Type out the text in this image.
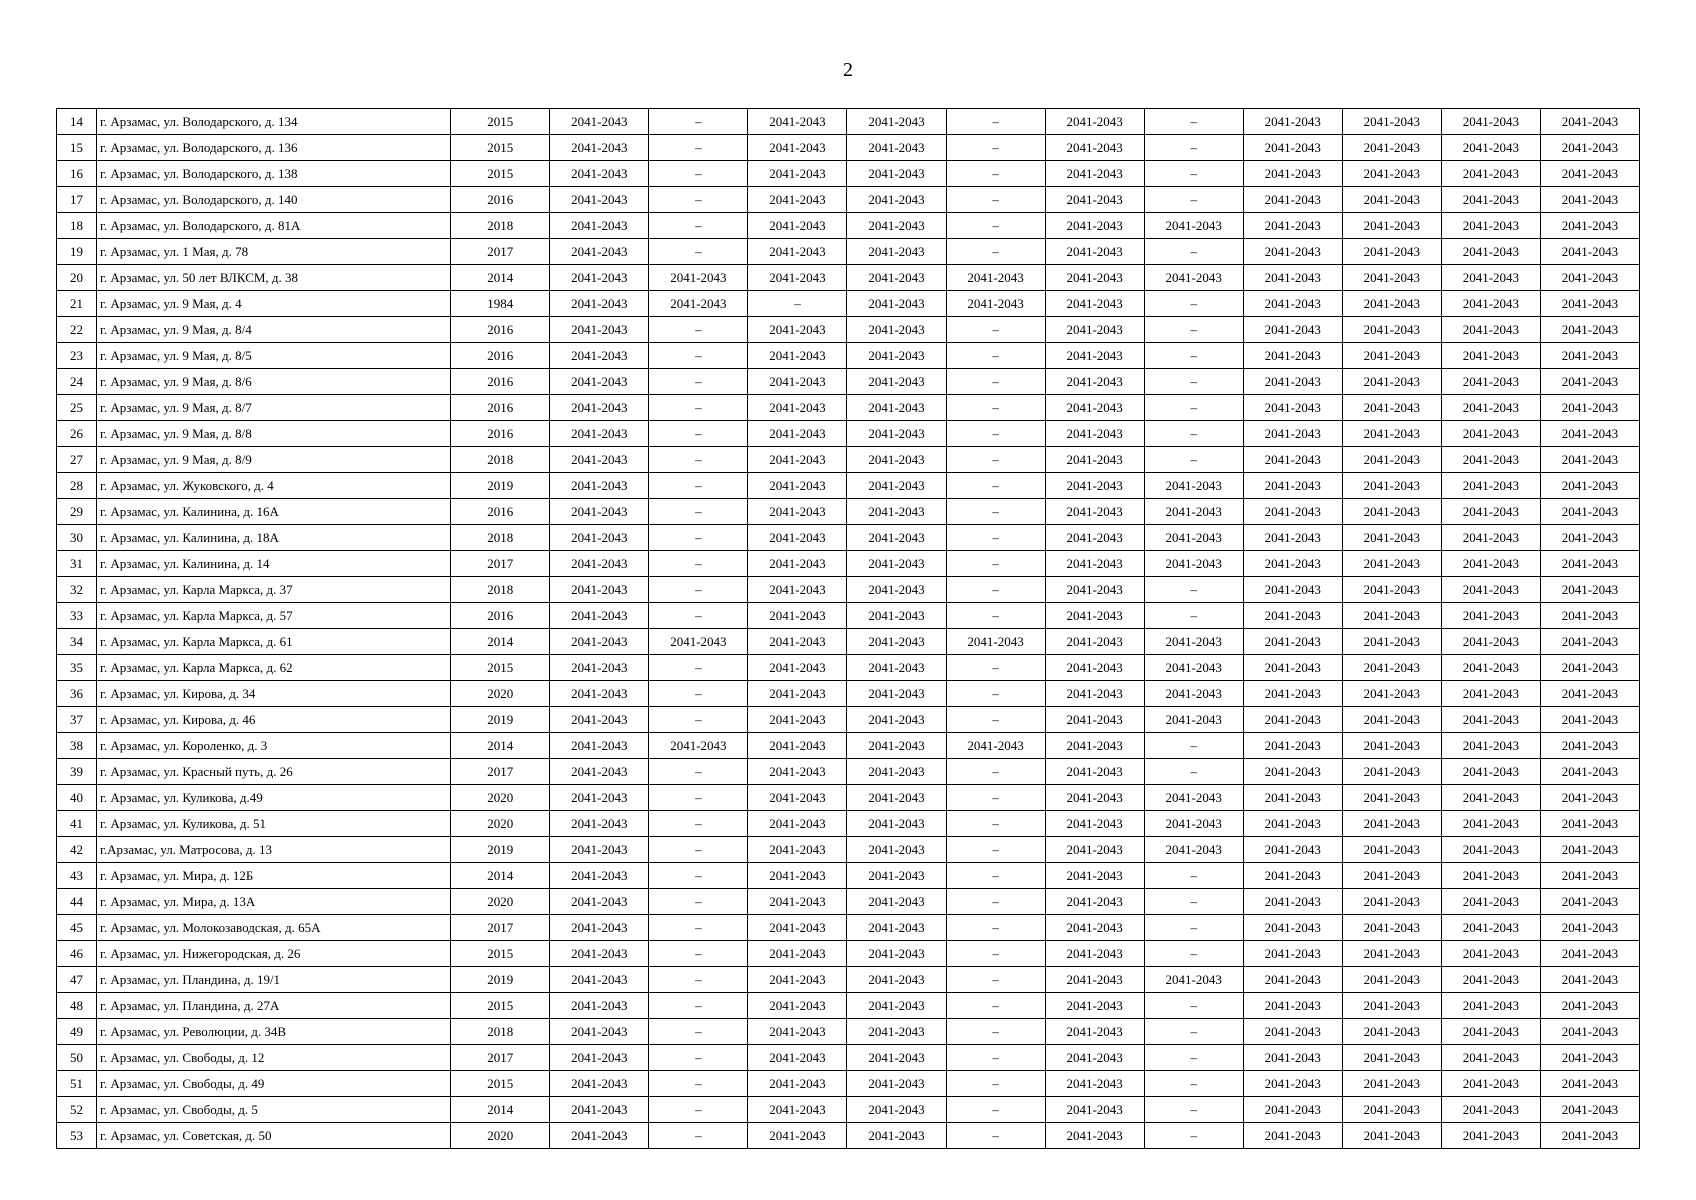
2
14	г. Арзамас, ул. Володарского, д. 134	2015	2041-2043	–	2041-2043	2041-2043	–	2041-2043	–	2041-2043	2041-2043	2041-2043	2041-2043
15	г. Арзамас, ул. Володарского, д. 136	2015	2041-2043	–	2041-2043	2041-2043	–	2041-2043	–	2041-2043	2041-2043	2041-2043	2041-2043
16	г. Арзамас, ул. Володарского, д. 138	2015	2041-2043	–	2041-2043	2041-2043	–	2041-2043	–	2041-2043	2041-2043	2041-2043	2041-2043
17	г. Арзамас, ул. Володарского, д. 140	2016	2041-2043	–	2041-2043	2041-2043	–	2041-2043	–	2041-2043	2041-2043	2041-2043	2041-2043
18	г. Арзамас, ул. Володарского, д. 81А	2018	2041-2043	–	2041-2043	2041-2043	–	2041-2043	2041-2043	2041-2043	2041-2043	2041-2043	2041-2043
19	г. Арзамас, ул. 1 Мая, д. 78	2017	2041-2043	–	2041-2043	2041-2043	–	2041-2043	–	2041-2043	2041-2043	2041-2043	2041-2043
20	г. Арзамас, ул. 50 лет ВЛКСМ, д. 38	2014	2041-2043	2041-2043	2041-2043	2041-2043	2041-2043	2041-2043	2041-2043	2041-2043	2041-2043	2041-2043	2041-2043
21	г. Арзамас, ул. 9 Мая, д. 4	1984	2041-2043	2041-2043	–	2041-2043	2041-2043	2041-2043	–	2041-2043	2041-2043	2041-2043	2041-2043
22	г. Арзамас, ул. 9 Мая, д. 8/4	2016	2041-2043	–	2041-2043	2041-2043	–	2041-2043	–	2041-2043	2041-2043	2041-2043	2041-2043
23	г. Арзамас, ул. 9 Мая, д. 8/5	2016	2041-2043	–	2041-2043	2041-2043	–	2041-2043	–	2041-2043	2041-2043	2041-2043	2041-2043
24	г. Арзамас, ул. 9 Мая, д. 8/6	2016	2041-2043	–	2041-2043	2041-2043	–	2041-2043	–	2041-2043	2041-2043	2041-2043	2041-2043
25	г. Арзамас, ул. 9 Мая, д. 8/7	2016	2041-2043	–	2041-2043	2041-2043	–	2041-2043	–	2041-2043	2041-2043	2041-2043	2041-2043
26	г. Арзамас, ул. 9 Мая, д. 8/8	2016	2041-2043	–	2041-2043	2041-2043	–	2041-2043	–	2041-2043	2041-2043	2041-2043	2041-2043
27	г. Арзамас, ул. 9 Мая, д. 8/9	2018	2041-2043	–	2041-2043	2041-2043	–	2041-2043	–	2041-2043	2041-2043	2041-2043	2041-2043
28	г. Арзамас, ул. Жуковского, д. 4	2019	2041-2043	–	2041-2043	2041-2043	–	2041-2043	2041-2043	2041-2043	2041-2043	2041-2043	2041-2043
29	г. Арзамас, ул. Калинина, д. 16А	2016	2041-2043	–	2041-2043	2041-2043	–	2041-2043	2041-2043	2041-2043	2041-2043	2041-2043	2041-2043
30	г. Арзамас, ул. Калинина, д. 18А	2018	2041-2043	–	2041-2043	2041-2043	–	2041-2043	2041-2043	2041-2043	2041-2043	2041-2043	2041-2043
31	г. Арзамас, ул. Калинина, д. 14	2017	2041-2043	–	2041-2043	2041-2043	–	2041-2043	2041-2043	2041-2043	2041-2043	2041-2043	2041-2043
32	г. Арзамас, ул. Карла Маркса, д. 37	2018	2041-2043	–	2041-2043	2041-2043	–	2041-2043	–	2041-2043	2041-2043	2041-2043	2041-2043
33	г. Арзамас, ул. Карла Маркса, д. 57	2016	2041-2043	–	2041-2043	2041-2043	–	2041-2043	–	2041-2043	2041-2043	2041-2043	2041-2043
34	г. Арзамас, ул. Карла Маркса, д. 61	2014	2041-2043	2041-2043	2041-2043	2041-2043	2041-2043	2041-2043	2041-2043	2041-2043	2041-2043	2041-2043	2041-2043
35	г. Арзамас, ул. Карла Маркса, д. 62	2015	2041-2043	–	2041-2043	2041-2043	–	2041-2043	2041-2043	2041-2043	2041-2043	2041-2043	2041-2043
36	г. Арзамас, ул. Кирова, д. 34	2020	2041-2043	–	2041-2043	2041-2043	–	2041-2043	2041-2043	2041-2043	2041-2043	2041-2043	2041-2043
37	г. Арзамас, ул. Кирова, д. 46	2019	2041-2043	–	2041-2043	2041-2043	–	2041-2043	2041-2043	2041-2043	2041-2043	2041-2043	2041-2043
38	г. Арзамас, ул. Короленко, д. 3	2014	2041-2043	2041-2043	2041-2043	2041-2043	2041-2043	2041-2043	–	2041-2043	2041-2043	2041-2043	2041-2043
39	г. Арзамас, ул. Красный путь, д. 26	2017	2041-2043	–	2041-2043	2041-2043	–	2041-2043	–	2041-2043	2041-2043	2041-2043	2041-2043
40	г. Арзамас, ул. Куликова, д.49	2020	2041-2043	–	2041-2043	2041-2043	–	2041-2043	2041-2043	2041-2043	2041-2043	2041-2043	2041-2043
41	г. Арзамас, ул. Куликова, д. 51	2020	2041-2043	–	2041-2043	2041-2043	–	2041-2043	2041-2043	2041-2043	2041-2043	2041-2043	2041-2043
42	г.Арзамас, ул. Матросова, д. 13	2019	2041-2043	–	2041-2043	2041-2043	–	2041-2043	2041-2043	2041-2043	2041-2043	2041-2043	2041-2043
43	г. Арзамас, ул. Мира, д. 12Б	2014	2041-2043	–	2041-2043	2041-2043	–	2041-2043	–	2041-2043	2041-2043	2041-2043	2041-2043
44	г. Арзамас, ул. Мира, д. 13А	2020	2041-2043	–	2041-2043	2041-2043	–	2041-2043	–	2041-2043	2041-2043	2041-2043	2041-2043
45	г. Арзамас, ул. Молокозаводская, д. 65А	2017	2041-2043	–	2041-2043	2041-2043	–	2041-2043	–	2041-2043	2041-2043	2041-2043	2041-2043
46	г. Арзамас, ул. Нижегородская, д. 26	2015	2041-2043	–	2041-2043	2041-2043	–	2041-2043	–	2041-2043	2041-2043	2041-2043	2041-2043
47	г. Арзамас, ул. Пландина, д. 19/1	2019	2041-2043	–	2041-2043	2041-2043	–	2041-2043	2041-2043	2041-2043	2041-2043	2041-2043	2041-2043
48	г. Арзамас, ул. Пландина, д. 27А	2015	2041-2043	–	2041-2043	2041-2043	–	2041-2043	–	2041-2043	2041-2043	2041-2043	2041-2043
49	г. Арзамас, ул. Революции, д. 34В	2018	2041-2043	–	2041-2043	2041-2043	–	2041-2043	–	2041-2043	2041-2043	2041-2043	2041-2043
50	г. Арзамас, ул. Свободы, д. 12	2017	2041-2043	–	2041-2043	2041-2043	–	2041-2043	–	2041-2043	2041-2043	2041-2043	2041-2043
51	г. Арзамас, ул. Свободы, д. 49	2015	2041-2043	–	2041-2043	2041-2043	–	2041-2043	–	2041-2043	2041-2043	2041-2043	2041-2043
52	г. Арзамас, ул. Свободы, д. 5	2014	2041-2043	–	2041-2043	2041-2043	–	2041-2043	–	2041-2043	2041-2043	2041-2043	2041-2043
53	г. Арзамас, ул. Советская, д. 50	2020	2041-2043	–	2041-2043	2041-2043	–	2041-2043	–	2041-2043	2041-2043	2041-2043	2041-2043
